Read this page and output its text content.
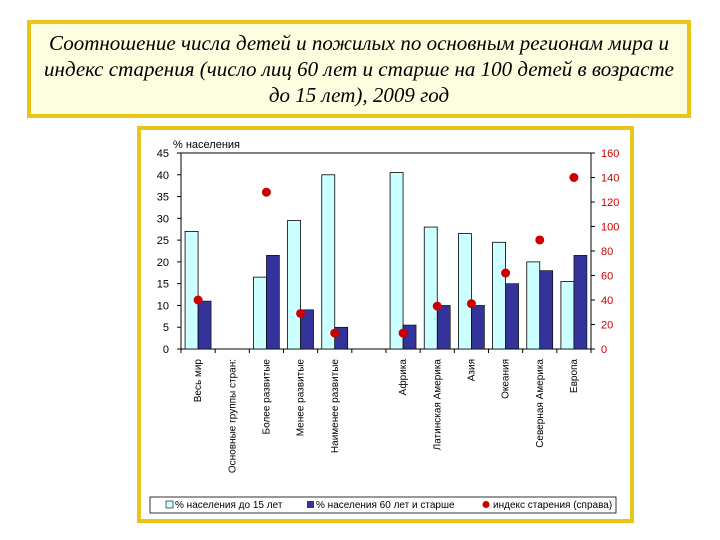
Соотношение числа детей и пожилых по основным регионам мира и индекс старения (число лиц 60 лет и старше на 100 детей в возрасте до 15 лет), 2009 год
% населения
0
5
10
15
20
25
30
35
40
45
0
20
40
60
80
100
120
140
160
Весь мир Основные группы стран: Более развитые Менее развитые Наименее развитые	Африка Латинская Америка Азия Океания Северная Америка Европа
% населения до 15 лет	% населения 60 лет и старше	индекс старения (справа)
